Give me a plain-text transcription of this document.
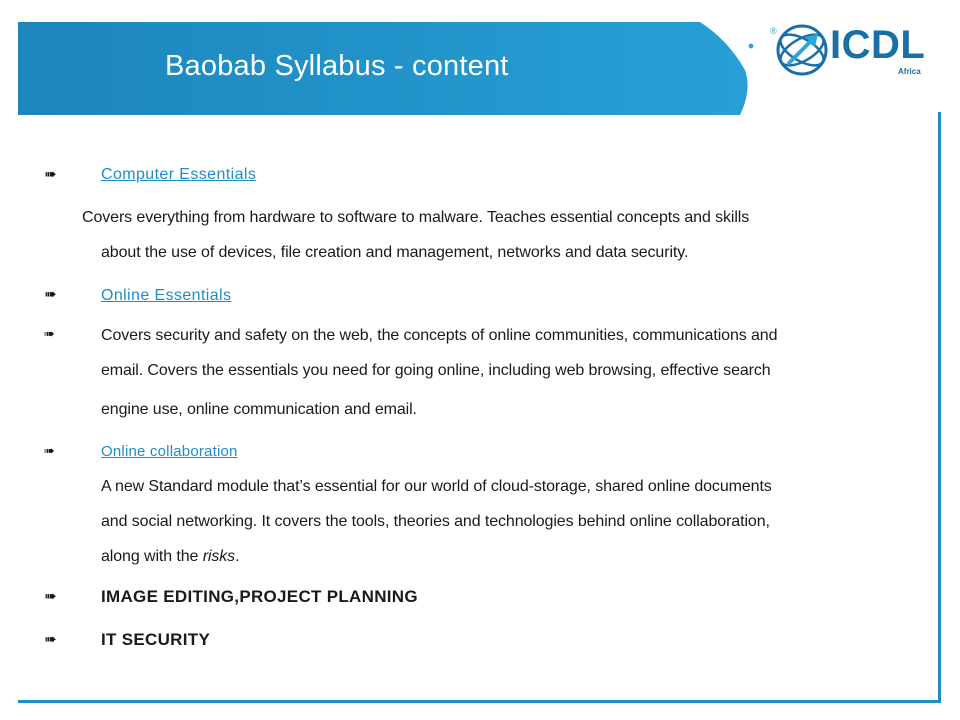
Baobab Syllabus - content
® ICDL
Africa
➠	Computer Essentials
Covers everything from hardware to software to malware. Teaches essential concepts and skills
about the use of devices, file creation and management, networks and data security.
➠	Online Essentials
➠	Covers security and safety on the web, the concepts of online communities, communications and
email. Covers the essentials you need for going online, including web browsing, effective search
engine use, online communication and email.
➠	Online collaboration
A new Standard module that’s essential for our world of cloud-storage, shared online documents
and social networking. It covers the tools, theories and technologies behind online collaboration,
along with the risks.
➠	IMAGE EDITING,PROJECT PLANNING
➠	IT SECURITY
